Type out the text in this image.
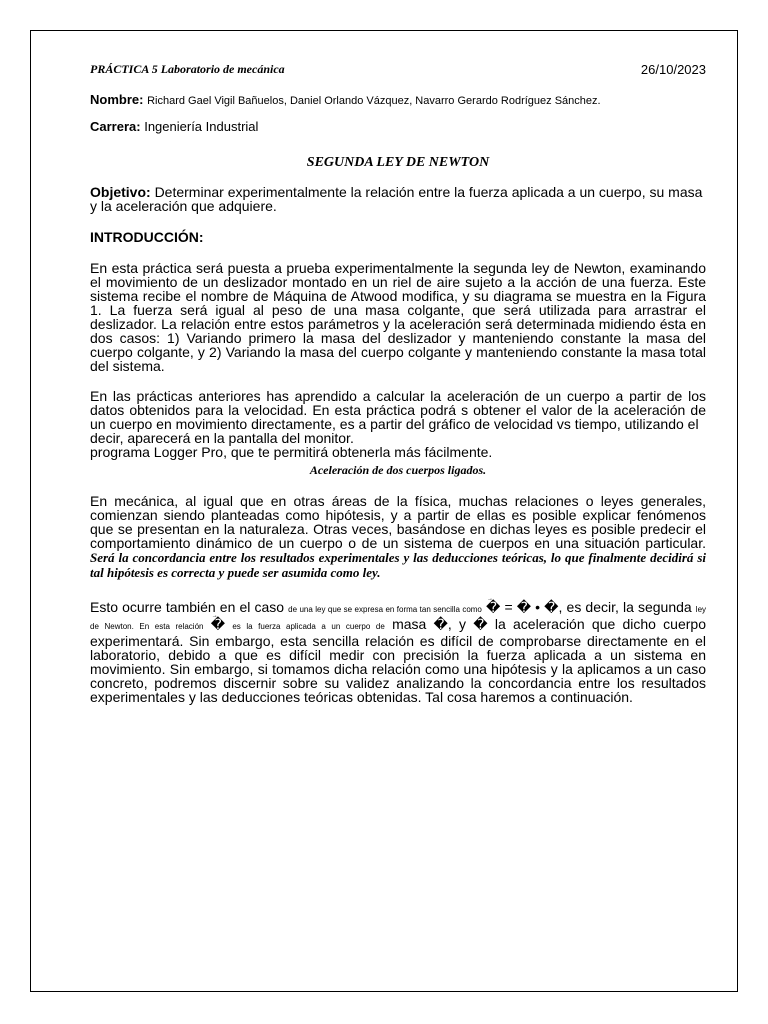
PRÁCTICA 5 Laboratorio de mecánica	26/10/2023
Nombre: Richard Gael Vigil Bañuelos, Daniel Orlando Vázquez, Navarro Gerardo Rodríguez Sánchez.
Carrera: Ingeniería Industrial
SEGUNDA LEY DE NEWTON

Objetivo: Determinar experimentalmente la relación entre la fuerza aplicada a un cuerpo, su masa y la aceleración que adquiere.

INTRODUCCIÓN:

En esta práctica será puesta a prueba experimentalmente la segunda ley de Newton, examinando el movimiento de un deslizador montado en un riel de aire sujeto a la acción de una fuerza. Este sistema recibe el nombre de Máquina de Atwood modifica, y su diagrama se muestra en la Figura 1. La fuerza será igual al peso de una masa colgante, que será utilizada para arrastrar el deslizador. La relación entre estos parámetros y la aceleración será determinada midiendo ésta en dos casos: 1) Variando primero la masa del deslizador y manteniendo constante la masa del cuerpo colgante, y 2) Variando la masa del cuerpo colgante y manteniendo constante la masa total del sistema.

En las prácticas anteriores has aprendido a calcular la aceleración de un cuerpo a partir de los datos obtenidos para la velocidad. En esta práctica podrá s obtener el valor de la aceleración de un cuerpo en movimiento directamente, es a partir del gráfico de velocidad vs tiempo, utilizando el
decir, aparecerá en la pantalla del monitor.
programa Logger Pro, que te permitirá obtenerla más fácilmente.

Aceleración de dos cuerpos ligados.

En mecánica, al igual que en otras áreas de la física, muchas relaciones o leyes generales, comienzan siendo planteadas como hipótesis, y a partir de ellas es posible explicar fenómenos que se presentan en la naturaleza. Otras veces, basándose en dichas leyes es posible predecir el comportamiento dinámico de un cuerpo o de un sistema de cuerpos en una situación particular. Será la concordancia entre los resultados experimentales y las deducciones teóricas, lo que finalmente decidirá si tal hipótesis es correcta y puede ser asumida como ley.

Esto ocurre también en el caso de una ley que se expresa en forma tan sencilla como → � = � • �, es decir, la segunda ley de Newton. En esta relación → � es la fuerza aplicada a un cuerpo de masa �, y � la aceleración que dicho cuerpo experimentará. Sin embargo, esta sencilla relación es difícil de comprobarse directamente en el laboratorio, debido a que es difícil medir con precisión la fuerza aplicada a un sistema en movimiento. Sin embargo, si tomamos dicha relación como una hipótesis y la aplicamos a un caso concreto, podremos discernir sobre su validez analizando la concordancia entre los resultados experimentales y las deducciones teóricas obtenidas. Tal cosa haremos a continuación.
